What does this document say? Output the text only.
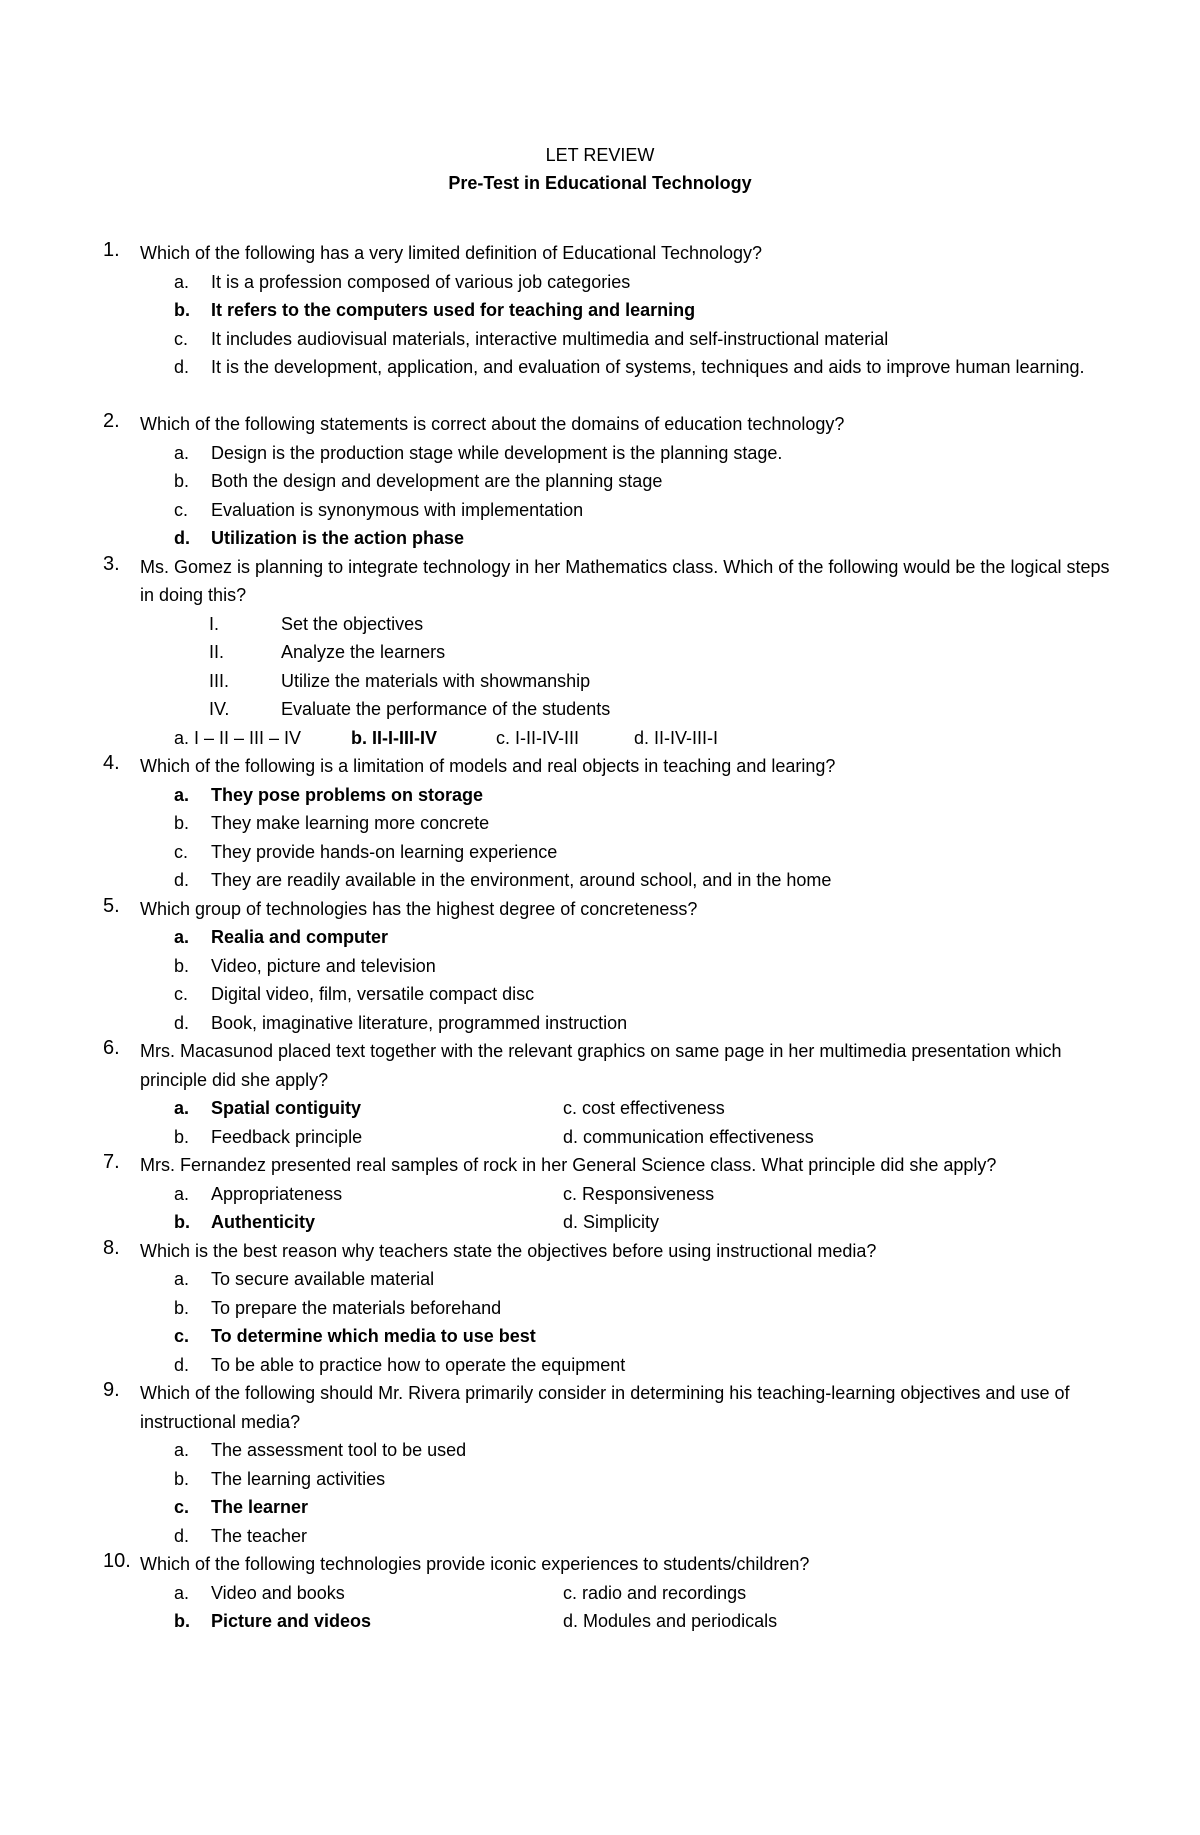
LET REVIEW
Pre-Test in Educational Technology
1.	Which of the following has a very limited definition of Educational Technology?
a. It is a profession composed of various job categories
b. It refers to the computers used for teaching and learning
c. It includes audiovisual materials, interactive multimedia and self-instructional material
d. It is the development, application, and evaluation of systems, techniques and aids to improve human learning.
2.	Which of the following statements is correct about the domains of education technology?
a. Design is the production stage while development is the planning stage.
b. Both the design and development are the planning stage
c. Evaluation is synonymous with implementation
d. Utilization is the action phase
3.	Ms. Gomez is planning to integrate technology in her Mathematics class. Which of the following would be the logical steps in doing this?
I.	Set the objectives
II.	Analyze the learners
III.	Utilize the materials with showmanship
IV.	Evaluate the performance of the students
a. I – II – III – IV	b. II-I-III-IV	c. I-II-IV-III	d. II-IV-III-I
4.	Which of the following is a limitation of models and real objects in teaching and learing?
a. They pose problems on storage
b. They make learning more concrete
c. They provide hands-on learning experience
d. They are readily available in the environment, around school, and in the home
5.	Which group of technologies has the highest degree of concreteness?
a. Realia and computer
b. Video, picture and television
c. Digital video, film, versatile compact disc
d. Book, imaginative literature, programmed instruction
6.	Mrs. Macasunod placed text together with the relevant graphics on same page in her multimedia presentation which principle did she apply?
a. Spatial contiguity	c. cost effectiveness
b. Feedback principle	d. communication effectiveness
7.	Mrs. Fernandez presented real samples of rock in her General Science class. What principle did she apply?
a. Appropriateness	c. Responsiveness
b. Authenticity	d. Simplicity
8.	Which is the best reason why teachers state the objectives before using instructional media?
a. To secure available material
b. To prepare the materials beforehand
c. To determine which media to use best
d. To be able to practice how to operate the equipment
9.	Which of the following should Mr. Rivera primarily consider in determining his teaching-learning objectives and use of instructional media?
a. The assessment tool to be used
b. The learning activities
c. The learner
d. The teacher
10. Which of the following technologies provide iconic experiences to students/children?
a. Video and books	c. radio and recordings
b. Picture and videos	d. Modules and periodicals
